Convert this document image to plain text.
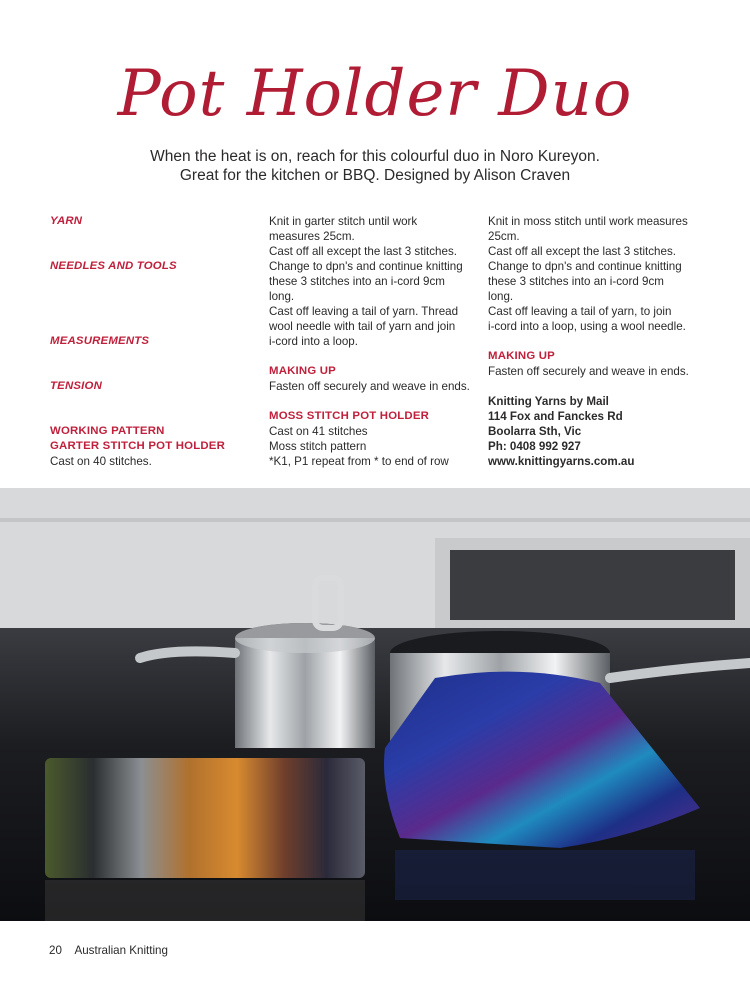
Pot Holder Duo
When the heat is on, reach for this colourful duo in Noro Kureyon.
Great for the kitchen or BBQ. Designed by Alison Craven
YARN
NEEDLES AND TOOLS
MEASUREMENTS
TENSION
WORKING PATTERN
GARTER STITCH POT HOLDER
Cast on 40 stitches.
Knit in garter stitch until work
measures 25cm.
Cast off all except the last 3 stitches.
Change to dpn's and continue knitting
these 3 stitches into an i-cord 9cm
long.
Cast off leaving a tail of yarn. Thread
wool needle with tail of yarn and join
i-cord into a loop.
MAKING UP
Fasten off securely and weave in ends.
MOSS STITCH POT HOLDER
Cast on 41 stitches
Moss stitch pattern
*K1, P1 repeat from * to end of row
Knit in moss stitch until work measures
25cm.
Cast off all except the last 3 stitches.
Change to dpn's and continue knitting
these 3 stitches into an i-cord 9cm
long.
Cast off leaving a tail of yarn, to join
i-cord into a loop, using a wool needle.
MAKING UP
Fasten off securely and weave in ends.
Knitting Yarns by Mail
114 Fox and Fanckes Rd
Boolarra Sth, Vic
Ph: 0408 992 927
www.knittingyarns.com.au
20 Australian Knitting
